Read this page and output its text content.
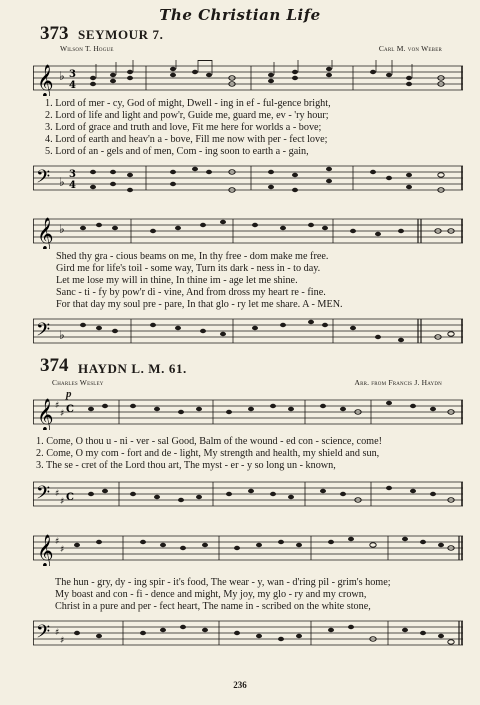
The Christian Life
373 SEYMOUR 7.
Wilson T. Hogue	Carl M. von Weber
𝄞 ♭ 3
4
1. Lord of mer - cy, God of might, Dwell - ing in ef - ful-gence bright,
2. Lord of life and light and pow'r, Guide me, guard me, ev - 'ry hour;
3. Lord of grace and truth and love, Fit me here for worlds a - bove;
4. Lord of earth and heav'n a - bove, Fill me now with per - fect love;
5. Lord of an - gels and of men, Com - ing soon to earth a - gain,
𝄢 ♭
3
4
𝄞 ♭
Shed thy gra - cious beams on me, In thy free - dom make me free.
Gird me for life's toil - some way, Turn its dark - ness in - to day.
Let me lose my will in thine, In thine im - age let me shine.
Sanc - ti - fy by pow'r di - vine, And from dross my heart re - fine.
For that day my soul pre - pare, In that glo - ry let me share. A - MEN.
𝄢 ♭
374 HAYDN L. M. 61.
Charles Wesley	Arr. from Francis J. Haydn
𝄞 ♯
♯ C
p
1. Come, O thou u - ni - ver - sal Good, Balm of the wound - ed con - science, come!
2. Come, O my com - fort and de - light, My strength and health, my shield and sun,
3. The se - cret of the Lord thou art, The myst - er - y so long un - known,
𝄢 ♯
♯ C
𝄞 ♯
♯
The hun - gry, dy - ing spir - it's food, The wear - y, wan - d'ring pil - grim's home;
My boast and con - fi - dence and might, My joy, my glo - ry and my crown,
Christ in a pure and per - fect heart, The name in - scribed on the white stone,
𝄢 ♯
♯
236
